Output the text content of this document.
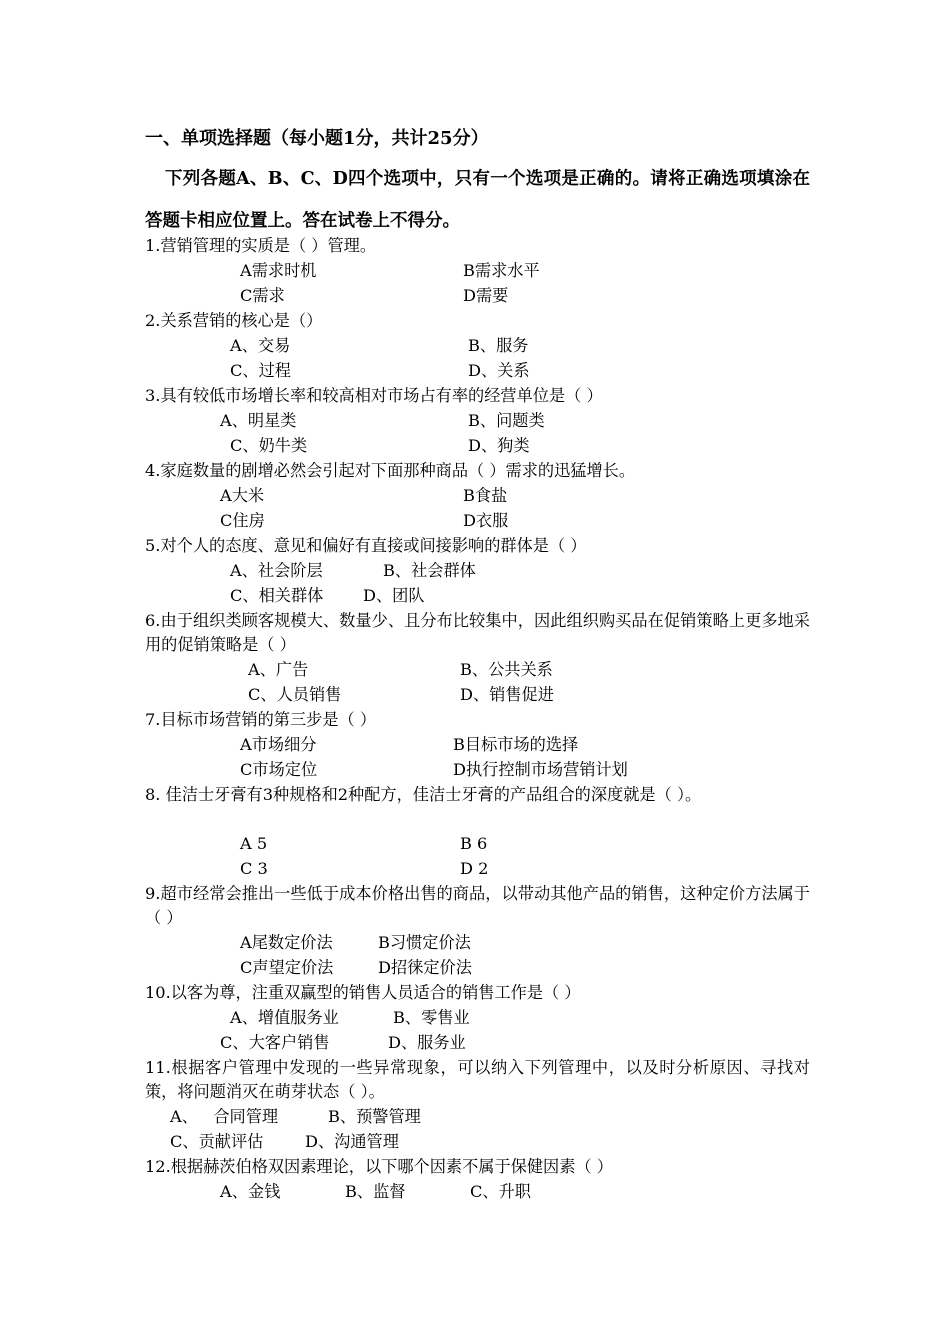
一、单项选择题（每小题1分，共计25分）
下列各题A、B、C、D四个选项中，只有一个选项是正确的。请将正确选项填涂在答题卡相应位置上。答在试卷上不得分。
1.营销管理的实质是（ ）管理。
A需求时机	B需求水平
C需求	D需要
2.关系营销的核心是（）
A、交易	B、服务
C、过程	D、关系
3.具有较低市场增长率和较高相对市场占有率的经营单位是（ ）
A、明星类	B、问题类
C、奶牛类	D、狗类
4.家庭数量的剧增必然会引起对下面那种商品（ ）需求的迅猛增长。
A大米	B食盐
C住房	D衣服
5.对个人的态度、意见和偏好有直接或间接影响的群体是（ ）
A、社会阶层	B、社会群体
C、相关群体 D、团队
6.由于组织类顾客规模大、数量少、且分布比较集中，因此组织购买品在促销策略上更多地采用的促销策略是（ ）
A、广告	B、公共关系
C、人员销售	D、销售促进
7.目标市场营销的第三步是（ ）
A市场细分	B目标市场的选择
C市场定位	D执行控制市场营销计划
8. 佳洁士牙膏有3种规格和2种配方，佳洁士牙膏的产品组合的深度就是（ ）。
A 5	B 6
C 3	D 2
9.超市经常会推出一些低于成本价格出售的商品，以带动其他产品的销售，这种定价方法属于（ ）
A尾数定价法	B习惯定价法
C声望定价法	D招徕定价法
10.以客为尊，注重双赢型的销售人员适合的销售工作是（ ）
A、增值服务业	B、零售业
C、大客户销售	D、服务业
11.根据客户管理中发现的一些异常现象，可以纳入下列管理中，以及时分析原因、寻找对策，将问题消灭在萌芽状态（ ）。
A、   合同管理	B、预警管理
C、贡献评估	D、沟通管理
12.根据赫茨伯格双因素理论，以下哪个因素不属于保健因素（ ）
A、金钱	B、监督	C、升职
